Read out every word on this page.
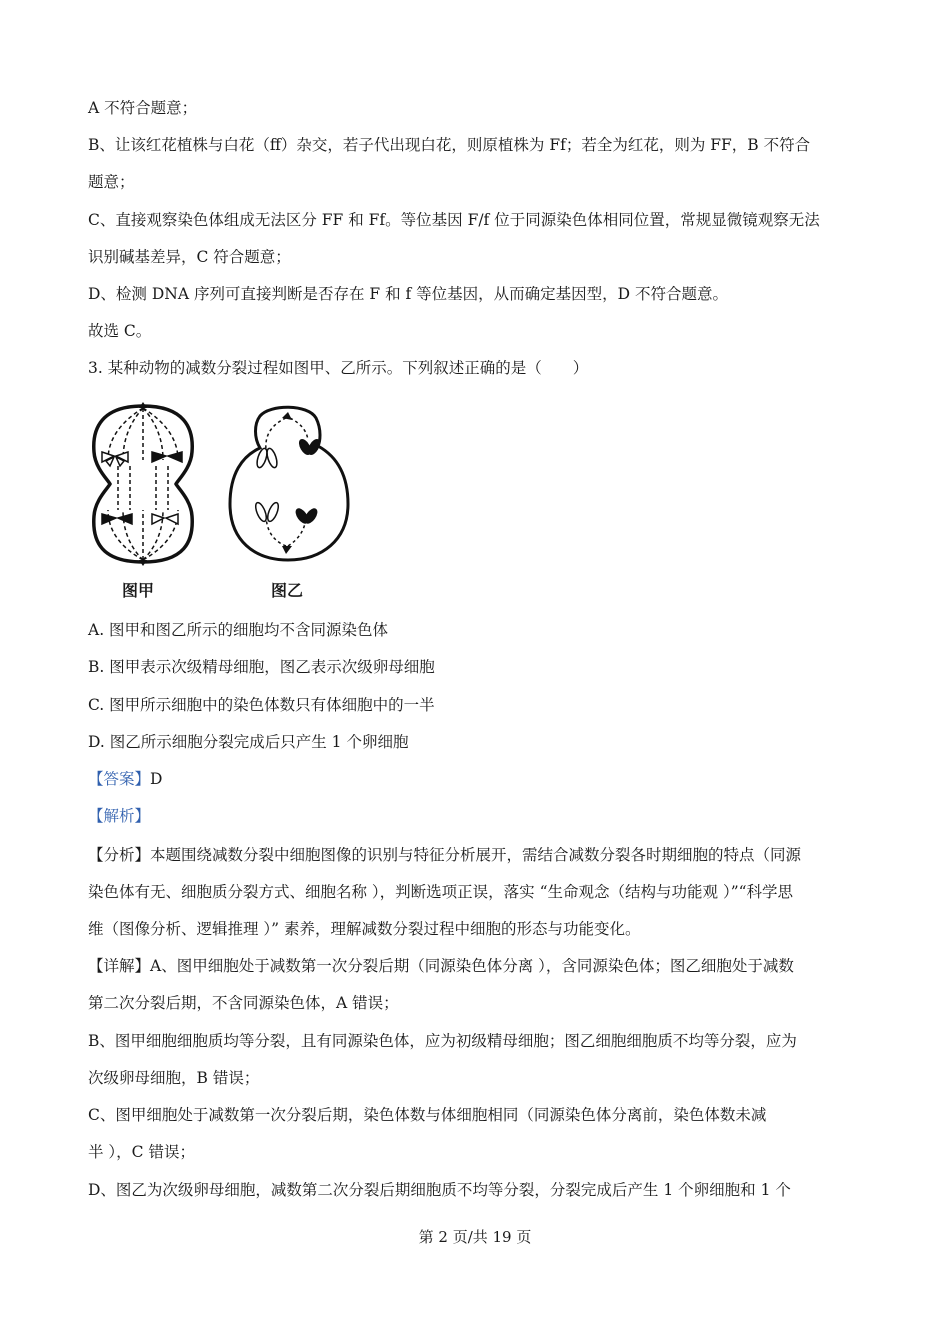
A 不符合题意；
B、让该红花植株与白花（ff）杂交，若子代出现白花，则原植株为 Ff；若全为红花，则为 FF，B 不符合
题意；
C、直接观察染色体组成无法区分 FF 和 Ff。等位基因 F/f 位于同源染色体相同位置，常规显微镜观察无法
识别碱基差异，C 符合题意；
D、检测 DNA 序列可直接判断是否存在 F 和 f 等位基因，从而确定基因型，D 不符合题意。
故选 C。
3. 某种动物的减数分裂过程如图甲、乙所示。下列叙述正确的是（　　）
图甲	图乙
A. 图甲和图乙所示的细胞均不含同源染色体
B. 图甲表示次级精母细胞，图乙表示次级卵母细胞
C. 图甲所示细胞中的染色体数只有体细胞中的一半
D. 图乙所示细胞分裂完成后只产生 1 个卵细胞
【答案】D
【解析】
【分析】本题围绕减数分裂中细胞图像的识别与特征分析展开，需结合减数分裂各时期细胞的特点（同源
染色体有无、细胞质分裂方式、细胞名称 ），判断选项正误，落实 “生命观念（结构与功能观 ）”“科学思
维（图像分析、逻辑推理 ）” 素养，理解减数分裂过程中细胞的形态与功能变化。
【详解】A、图甲细胞处于减数第一次分裂后期（同源染色体分离 ），含同源染色体；图乙细胞处于减数
第二次分裂后期，不含同源染色体，A 错误；
B、图甲细胞细胞质均等分裂，且有同源染色体，应为初级精母细胞；图乙细胞细胞质不均等分裂，应为
次级卵母细胞，B 错误；
C、图甲细胞处于减数第一次分裂后期，染色体数与体细胞相同（同源染色体分离前，染色体数未减
半 ），C 错误；
D、图乙为次级卵母细胞，减数第二次分裂后期细胞质不均等分裂，分裂完成后产生 1 个卵细胞和 1 个
第 2 页/共 19 页
